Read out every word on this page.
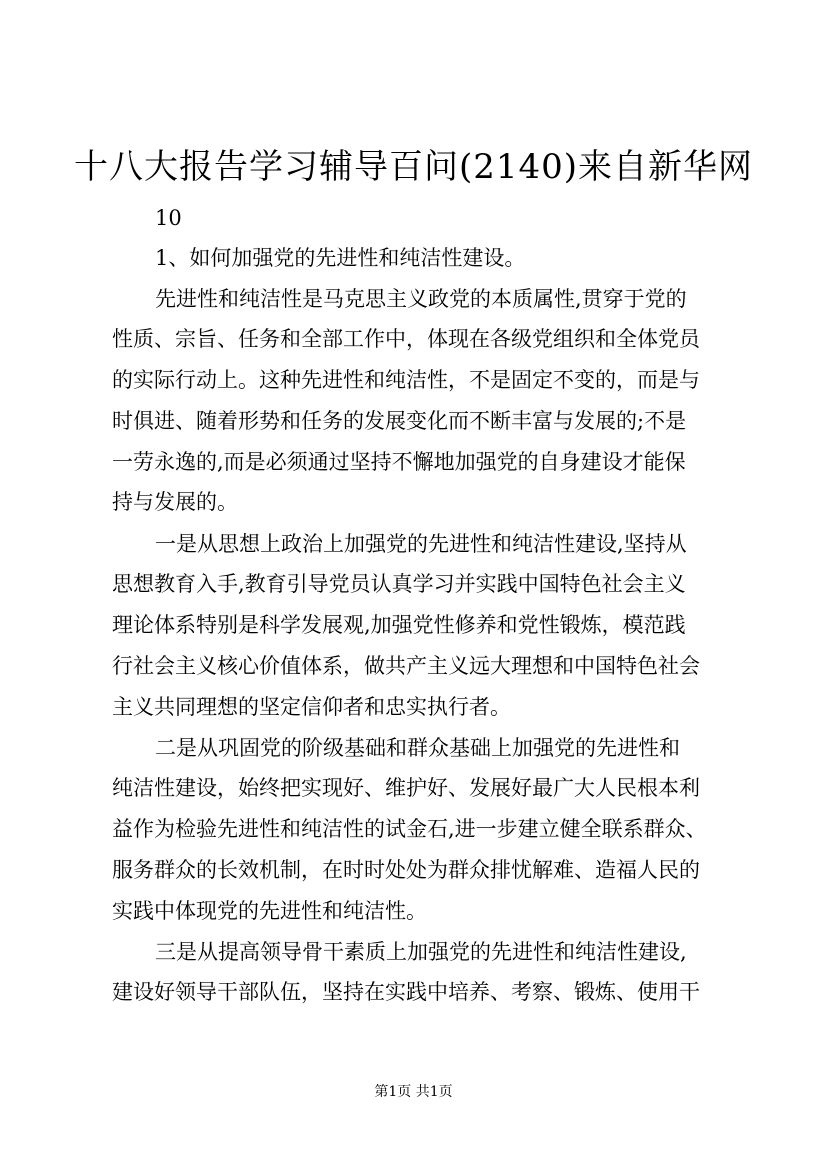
十八大报告学习辅导百问(2140)来自新华网
10
1、如何加强党的先进性和纯洁性建设。
先进性和纯洁性是马克思主义政党的本质属性,贯穿于党的
性质、宗旨、任务和全部工作中，体现在各级党组织和全体党员
的实际行动上。这种先进性和纯洁性，不是固定不变的，而是与
时俱进、随着形势和任务的发展变化而不断丰富与发展的;不是
一劳永逸的,而是必须通过坚持不懈地加强党的自身建设才能保
持与发展的。
一是从思想上政治上加强党的先进性和纯洁性建设,坚持从
思想教育入手,教育引导党员认真学习并实践中国特色社会主义
理论体系特别是科学发展观,加强党性修养和党性锻炼，模范践
行社会主义核心价值体系，做共产主义远大理想和中国特色社会
主义共同理想的坚定信仰者和忠实执行者。
二是从巩固党的阶级基础和群众基础上加强党的先进性和
纯洁性建设，始终把实现好、维护好、发展好最广大人民根本利
益作为检验先进性和纯洁性的试金石,进一步建立健全联系群众、
服务群众的长效机制，在时时处处为群众排忧解难、造福人民的
实践中体现党的先进性和纯洁性。
三是从提高领导骨干素质上加强党的先进性和纯洁性建设,
建设好领导干部队伍，坚持在实践中培养、考察、锻炼、使用干
第1页 共1页
